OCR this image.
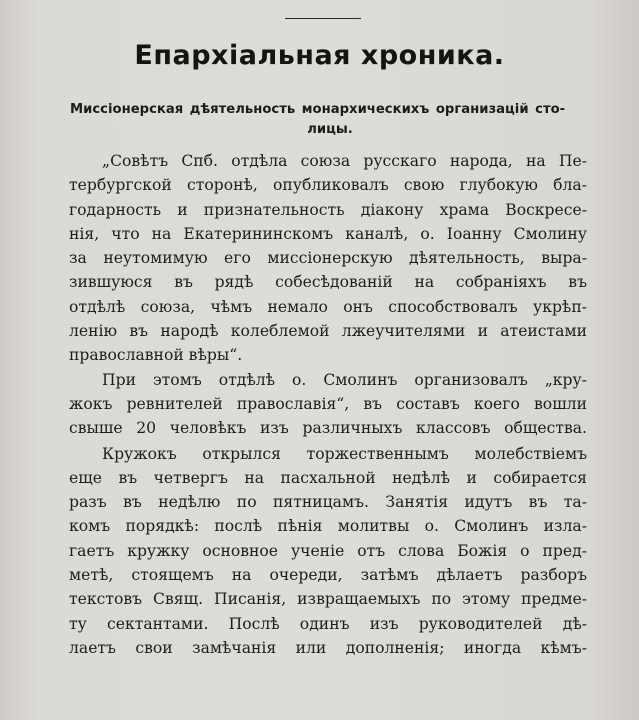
Епархіальная хроника.
Миссіонерская дѣятельность монархическихъ организацій сто-
лицы.
„Совѣтъ Спб. отдѣла союза русскаго народа, на Пе-
тербургской сторонѣ, опубликовалъ свою глубокую бла-
годарность и признательность діакону храма Воскресе-
нія, что на Екатерининскомъ каналѣ, о. Іоанну Смолину
за неутомимую его миссіонерскую дѣятельность, выра-
зившуюся въ рядѣ собесѣдованій на собраніяхъ въ
отдѣлѣ союза, чѣмъ немало онъ способствовалъ укрѣп-
ленію въ народѣ колеблемой лжеучителями и атеистами
православной вѣры“.
При этомъ отдѣлѣ о. Смолинъ организовалъ „кру-
жокъ ревнителей православія“, въ составъ коего вошли
свыше 20 человѣкъ изъ различныхъ классовъ общества.
Кружокъ открылся торжественнымъ молебствіемъ
еще въ четвергъ на пасхальной недѣлѣ и собирается
разъ въ недѣлю по пятницамъ. Занятія идутъ въ та-
комъ порядкѣ: послѣ пѣнія молитвы о. Смолинъ изла-
гаетъ кружку основное ученіе отъ слова Божія о пред-
метѣ, стоящемъ на очереди, затѣмъ дѣлаетъ разборъ
текстовъ Свящ. Писанія, извращаемыхъ по этому предме-
ту сектантами. Послѣ одинъ изъ руководителей дѣ-
лаетъ свои замѣчанія или дополненія; иногда кѣмъ-
